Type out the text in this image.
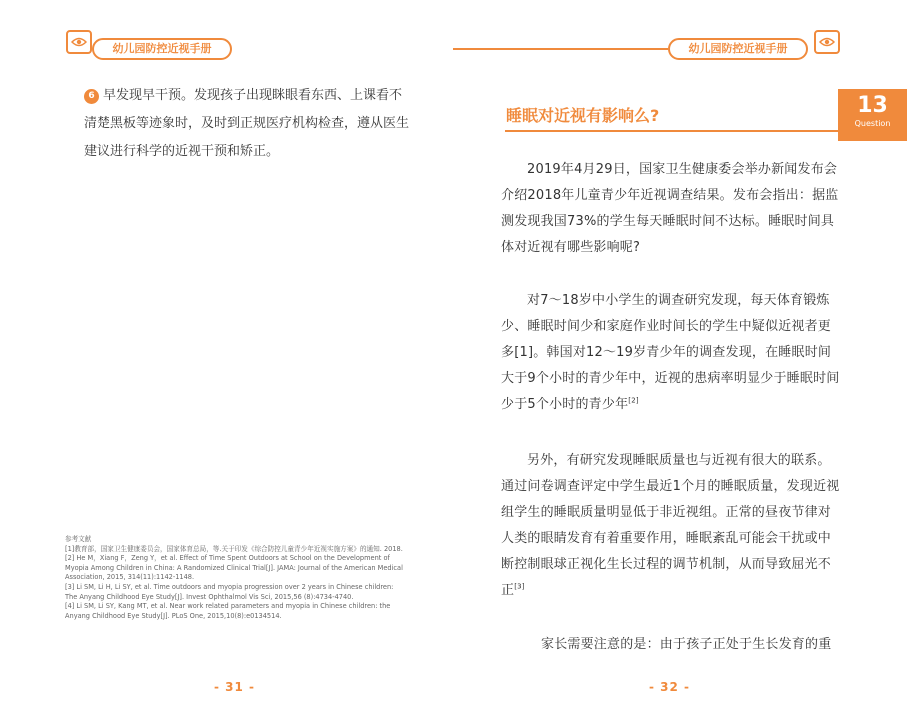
幼儿园防控近视手册

6 早发现早干预。发现孩子出现眯眼看东西、上课看不清楚黑板等迹象时，及时到正规医疗机构检查，遵从医生建议进行科学的近视干预和矫正。

参考文献
[1]教育部，国家卫生健康委员会，国家体育总局，等.关于印发《综合防控儿童青少年近视实施方案》的通知. 2018.
[2] He M，Xiang F，Zeng Y，et al. Effect of Time Spent Outdoors at School on the Development of Myopia Among Children in China: A Randomized Clinical Trial[J]. JAMA: Journal of the American Medical Association, 2015, 314(11):1142-1148.
[3] Li SM, Li H, Li SY, et al. Time outdoors and myopia progression over 2 years in Chinese children: The Anyang Childhood Eye Study[J]. Invest Ophthalmol Vis Sci, 2015,56 (8):4734-4740.
[4] Li SM, Li SY, Kang MT, et al. Near work related parameters and myopia in Chinese children: the Anyang Childhood Eye Study[J]. PLoS One, 2015,10(8):e0134514.
- 31 -
幼儿园防控近视手册
睡眠对近视有影响么?	13
Question

2019年4月29日，国家卫生健康委会举办新闻发布会介绍2018年儿童青少年近视调查结果。发布会指出：据监测发现我国73%的学生每天睡眠时间不达标。睡眠时间具体对近视有哪些影响呢?

对7～18岁中小学生的调查研究发现，每天体育锻炼少、睡眠时间少和家庭作业时间长的学生中疑似近视者更多[1]。韩国对12～19岁青少年的调查发现，在睡眠时间大于9个小时的青少年中，近视的患病率明显少于睡眠时间少于5个小时的青少年[2]

另外，有研究发现睡眠质量也与近视有很大的联系。通过问卷调查评定中学生最近1个月的睡眠质量，发现近视组学生的睡眠质量明显低于非近视组。正常的昼夜节律对人类的眼睛发育有着重要作用，睡眠紊乱可能会干扰或中断控制眼球正视化生长过程的调节机制，从而导致屈光不正[3]

家长需要注意的是：由于孩子正处于生长发育的重

- 32 -
